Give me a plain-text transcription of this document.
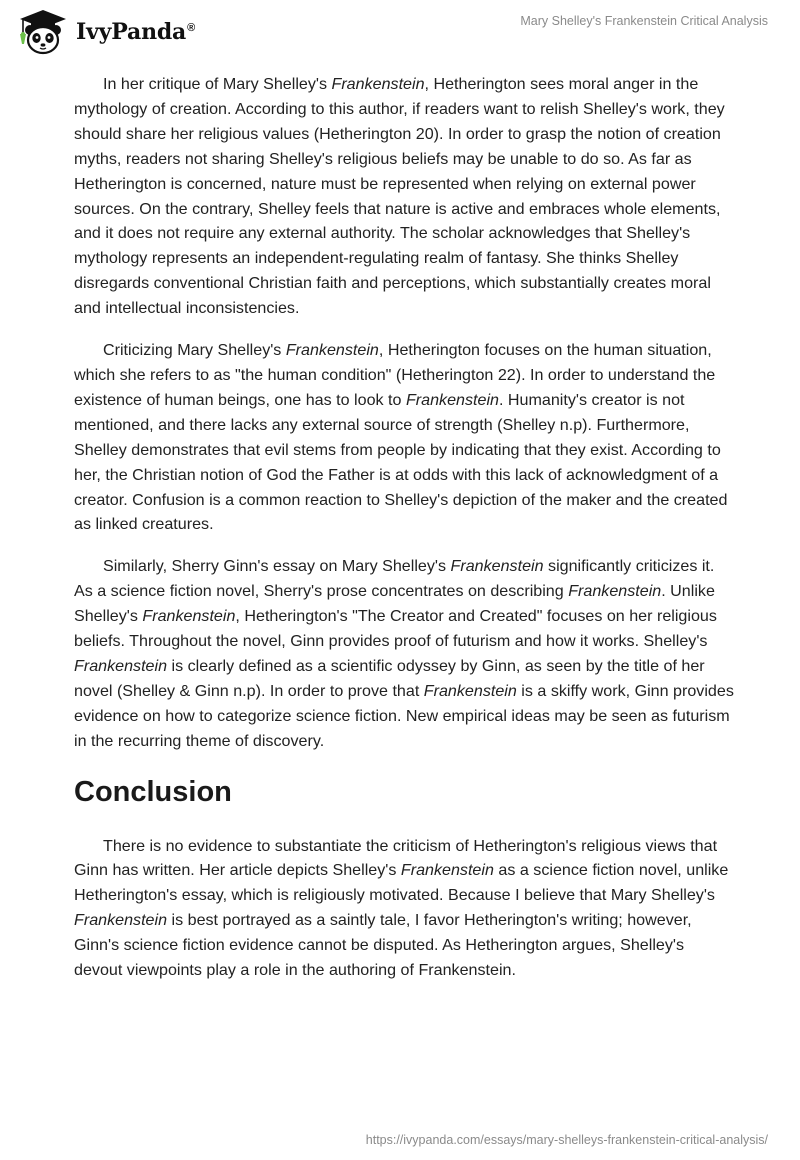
IvyPanda®	Mary Shelley's Frankenstein Critical Analysis

In her critique of Mary Shelley's Frankenstein, Hetherington sees moral anger in the mythology of creation. According to this author, if readers want to relish Shelley's work, they should share her religious values (Hetherington 20). In order to grasp the notion of creation myths, readers not sharing Shelley's religious beliefs may be unable to do so. As far as Hetherington is concerned, nature must be represented when relying on external power sources. On the contrary, Shelley feels that nature is active and embraces whole elements, and it does not require any external authority. The scholar acknowledges that Shelley's mythology represents an independent-regulating realm of fantasy. She thinks Shelley disregards conventional Christian faith and perceptions, which substantially creates moral and intellectual inconsistencies.

Criticizing Mary Shelley's Frankenstein, Hetherington focuses on the human situation, which she refers to as "the human condition" (Hetherington 22). In order to understand the existence of human beings, one has to look to Frankenstein. Humanity's creator is not mentioned, and there lacks any external source of strength (Shelley n.p). Furthermore, Shelley demonstrates that evil stems from people by indicating that they exist. According to her, the Christian notion of God the Father is at odds with this lack of acknowledgment of a creator. Confusion is a common reaction to Shelley's depiction of the maker and the created as linked creatures.

Similarly, Sherry Ginn's essay on Mary Shelley's Frankenstein significantly criticizes it. As a science fiction novel, Sherry's prose concentrates on describing Frankenstein. Unlike Shelley's Frankenstein, Hetherington's "The Creator and Created" focuses on her religious beliefs. Throughout the novel, Ginn provides proof of futurism and how it works. Shelley's Frankenstein is clearly defined as a scientific odyssey by Ginn, as seen by the title of her novel (Shelley & Ginn n.p). In order to prove that Frankenstein is a skiffy work, Ginn provides evidence on how to categorize science fiction. New empirical ideas may be seen as futurism in the recurring theme of discovery.

Conclusion

There is no evidence to substantiate the criticism of Hetherington's religious views that Ginn has written. Her article depicts Shelley's Frankenstein as a science fiction novel, unlike Hetherington's essay, which is religiously motivated. Because I believe that Mary Shelley's Frankenstein is best portrayed as a saintly tale, I favor Hetherington's writing; however, Ginn's science fiction evidence cannot be disputed. As Hetherington argues, Shelley's devout viewpoints play a role in the authoring of Frankenstein.

https://ivypanda.com/essays/mary-shelleys-frankenstein-critical-analysis/
